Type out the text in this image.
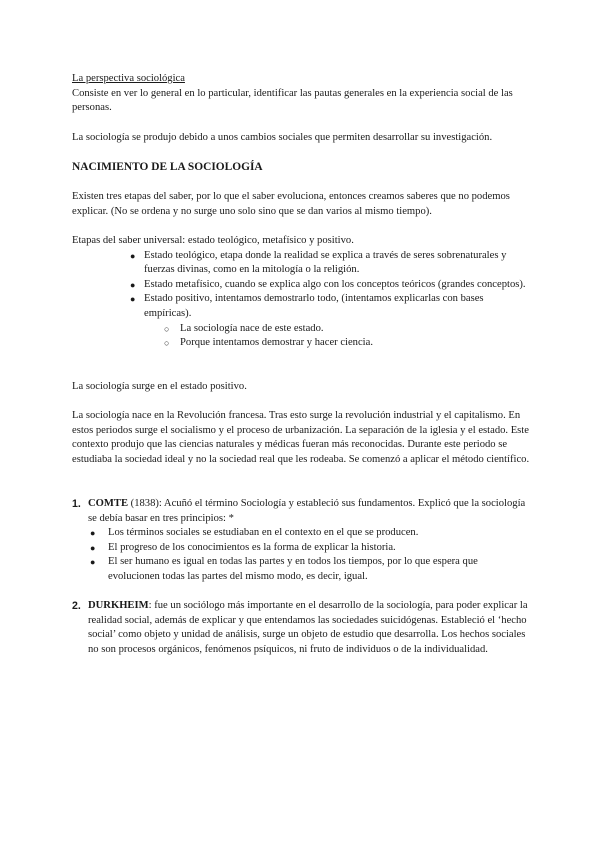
La perspectiva sociológica
Consiste en ver lo general en lo particular, identificar las pautas generales en la experiencia social de las personas.

La sociología se produjo debido a unos cambios sociales que permiten desarrollar su investigación.

NACIMIENTO DE LA SOCIOLOGÍA

Existen tres etapas del saber, por lo que el saber evoluciona, entonces creamos saberes que no podemos explicar. (No se ordena y no surge uno solo sino que se dan varios al mismo tiempo).

Etapas del saber universal: estado teológico, metafísico y positivo.
● Estado teológico, etapa donde la realidad se explica a través de seres sobrenaturales y fuerzas divinas, como en la mitología o la religión.
● Estado metafísico, cuando se explica algo con los conceptos teóricos (grandes conceptos).
● Estado positivo, intentamos demostrarlo todo, (intentamos explicarlas con bases empíricas).
○ La sociología nace de este estado.
○ Porque intentamos demostrar y hacer ciencia.

La sociología surge en el estado positivo.

La sociología nace en la Revolución francesa. Tras esto surge la revolución industrial y el capitalismo. En estos periodos surge el socialismo y el proceso de urbanización. La separación de la iglesia y el estado. Este contexto produjo que las ciencias naturales y médicas fueran más reconocidas. Durante este periodo se estudiaba la sociedad ideal y no la sociedad real que les rodeaba. Se comenzó a aplicar el método científico.

1. COMTE (1838): Acuñó el término Sociología y estableció sus fundamentos. Explicó que la sociología se debía basar en tres principios: *
● Los términos sociales se estudiaban en el contexto en el que se producen.
● El progreso de los conocimientos es la forma de explicar la historia.
● El ser humano es igual en todas las partes y en todos los tiempos, por lo que espera que evolucionen todas las partes del mismo modo, es decir, igual.
2. DURKHEIM: fue un sociólogo más importante en el desarrollo de la sociología, para poder explicar la realidad social, además de explicar y que entendamos las sociedades suicidógenas. Estableció el ‘hecho social’ como objeto y unidad de análisis, surge un objeto de estudio que desarrolla. Los hechos sociales no son procesos orgánicos, fenómenos psíquicos, ni fruto de individuos o de la individualidad.
